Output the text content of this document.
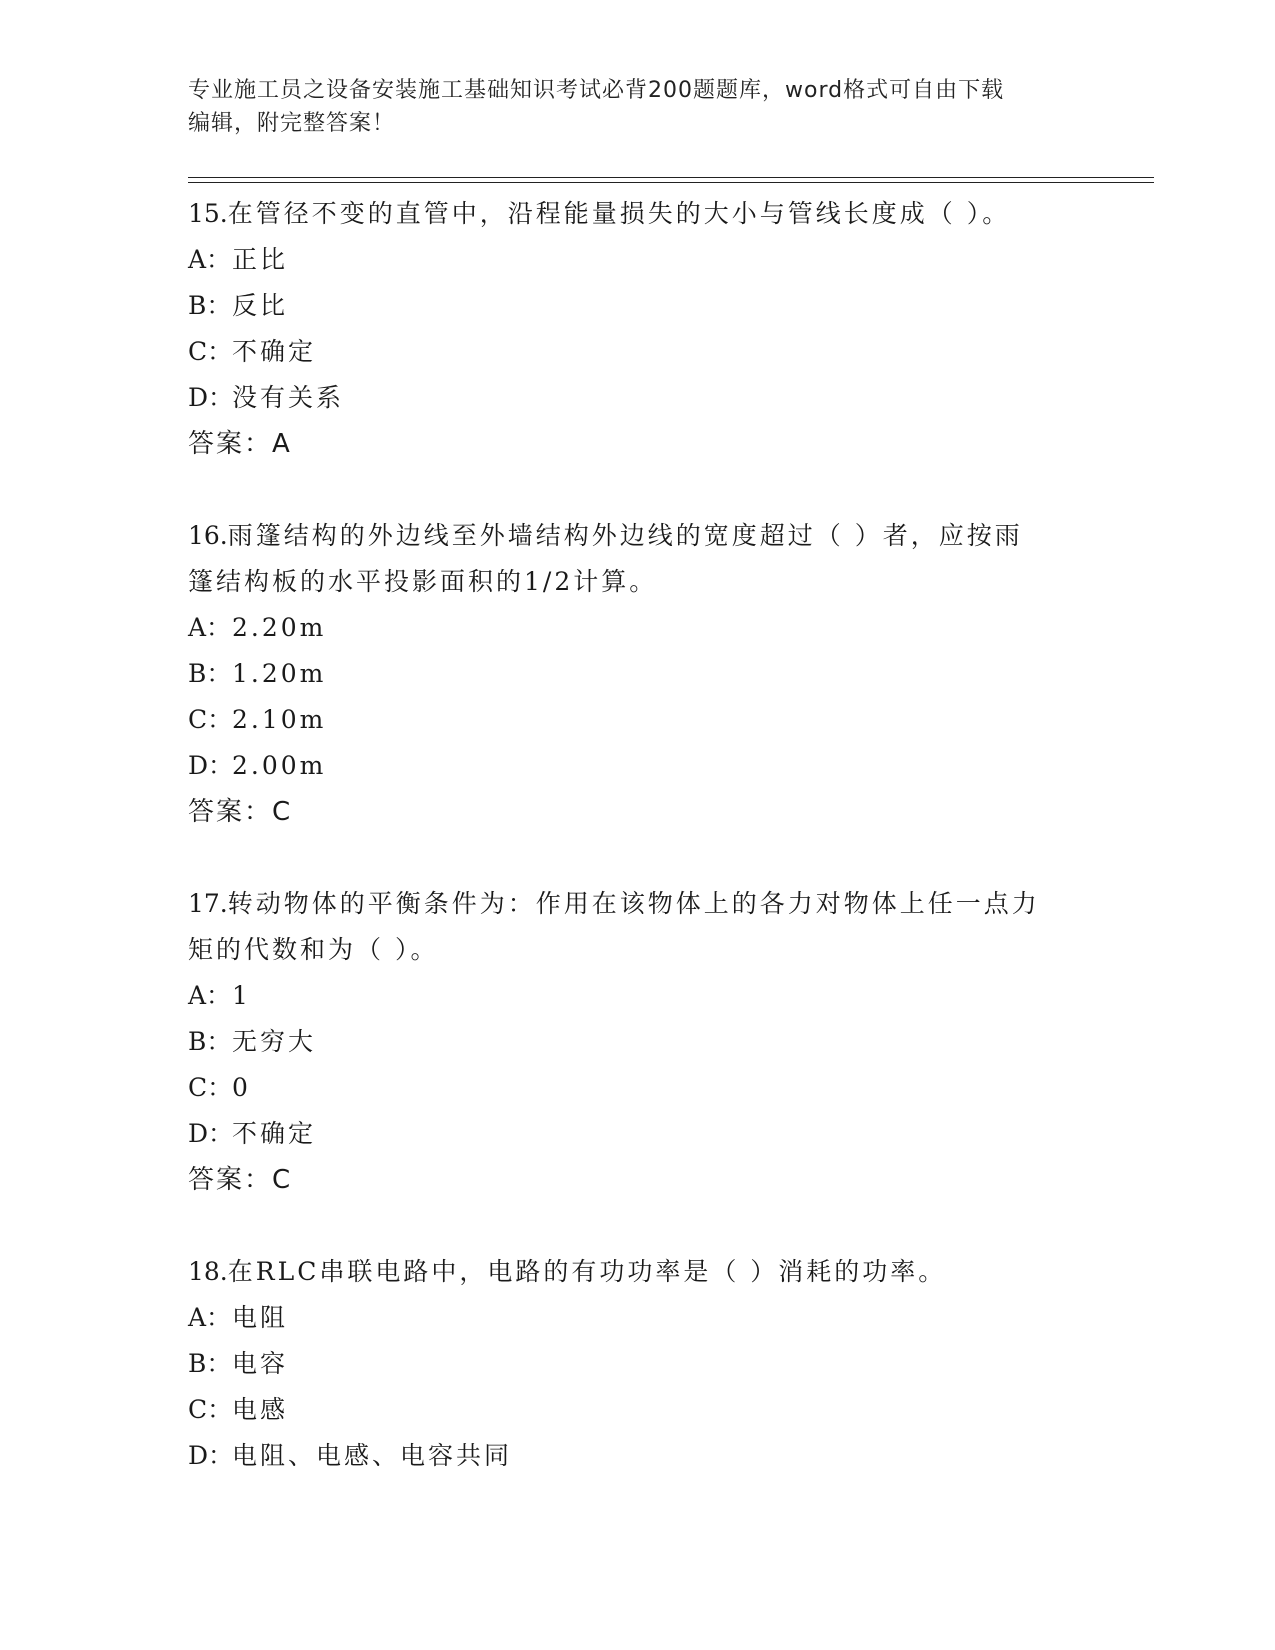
专业施工员之设备安装施工基础知识考试必背200题题库，word格式可自由下载
编辑，附完整答案！
15.在管径不变的直管中，沿程能量损失的大小与管线长度成（ ）。
A： 正比
B： 反比
C： 不确定
D：
没有关系
答案：A
16.雨篷结构的外边线至外墙结构外边线的宽度超过（ ）者，应按雨
篷结构板的水平投影面积的1/2计算。
A： 2.20m
B： 1.20m
C： 2.10m
D：
2.00m
答案：C
17.转动物体的平衡条件为：作用在该物体上的各力对物体上任一点力
矩的代数和为（ ）。
A： 1
B： 无穷大
C： 0
D：
不确定
答案：C
18.在RLC串联电路中，电路的有功功率是（ ）消耗的功率。
A： 电阻
B： 电容
C： 电感
D：
电阻、电感、电容共同
